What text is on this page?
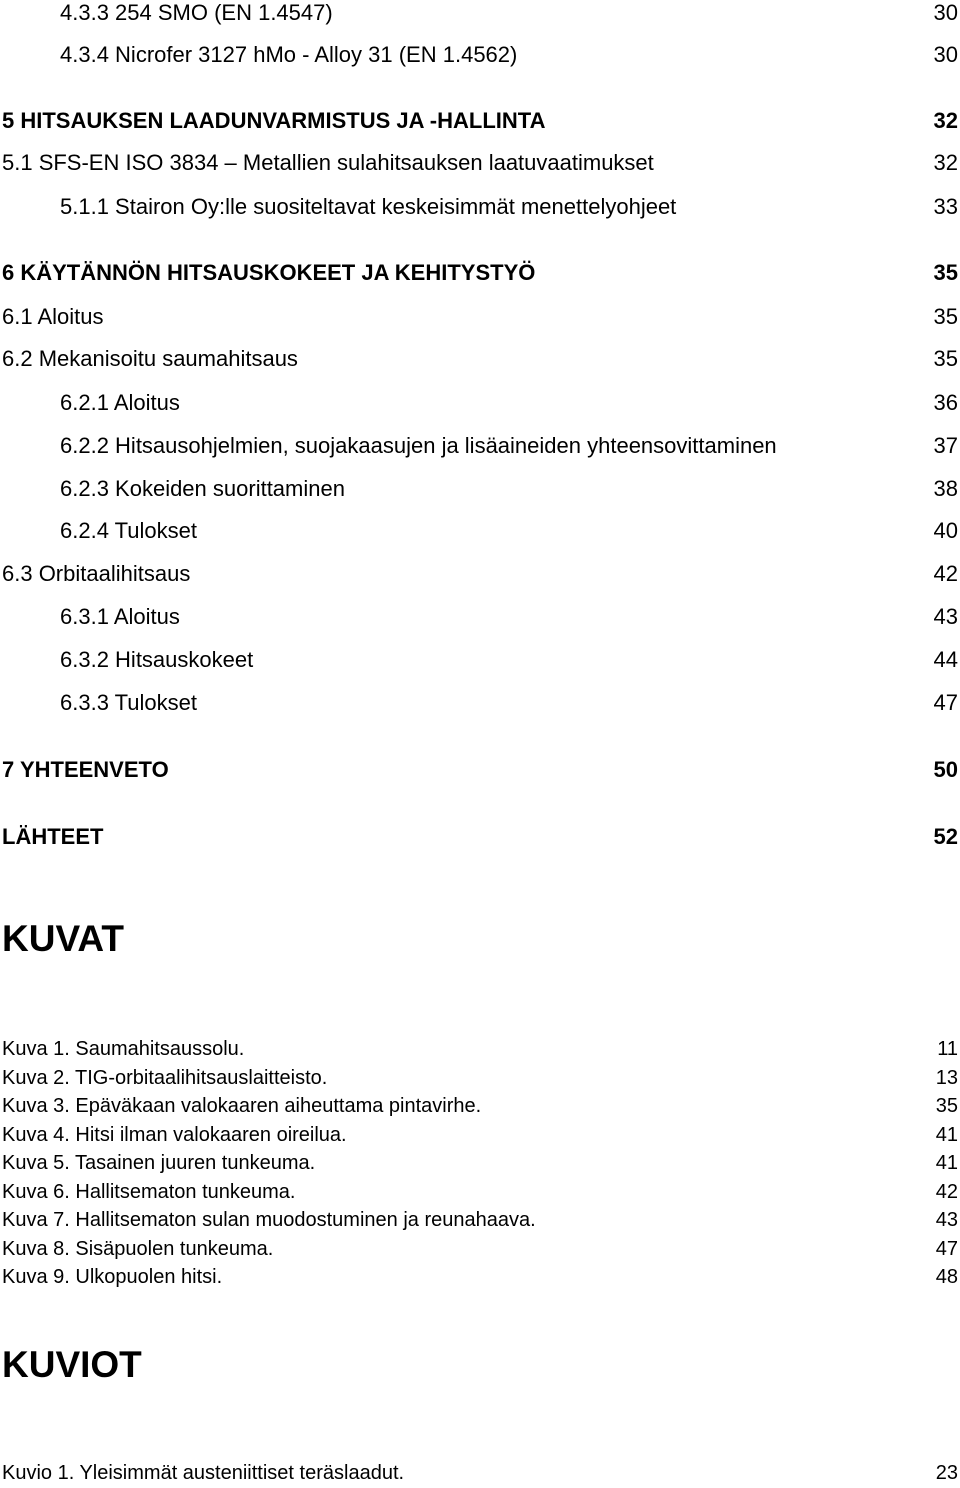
4.3.3 254 SMO (EN 1.4547)	30
4.3.4 Nicrofer 3127 hMo - Alloy 31 (EN 1.4562)	30
5 HITSAUKSEN LAADUNVARMISTUS JA -HALLINTA	32
5.1 SFS-EN ISO 3834 – Metallien sulahitsauksen laatuvaatimukset	32
5.1.1 Stairon Oy:lle suositeltavat keskeisimmät menettelyohjeet	33
6 KÄYTÄNNÖN HITSAUSKOKEET JA KEHITYSTYÖ	35
6.1 Aloitus	35
6.2 Mekanisoitu saumahitsaus	35
6.2.1 Aloitus	36
6.2.2 Hitsausohjelmien, suojakaasujen ja lisäaineiden yhteensovittaminen	37
6.2.3 Kokeiden suorittaminen	38
6.2.4 Tulokset	40
6.3 Orbitaalihitsaus	42
6.3.1 Aloitus	43
6.3.2 Hitsauskokeet	44
6.3.3 Tulokset	47
7 YHTEENVETO	50
LÄHTEET	52
KUVAT
Kuva 1. Saumahitsaussolu.	11
Kuva 2. TIG-orbitaalihitsauslaitteisto.	13
Kuva 3. Epäväkaan valokaaren aiheuttama pintavirhe.	35
Kuva 4. Hitsi ilman valokaaren oireilua.	41
Kuva 5. Tasainen juuren tunkeuma.	41
Kuva 6. Hallitsematon tunkeuma.	42
Kuva 7. Hallitsematon sulan muodostuminen ja reunahaava.	43
Kuva 8. Sisäpuolen tunkeuma.	47
Kuva 9. Ulkopuolen hitsi.	48
KUVIOT
Kuvio 1. Yleisimmät austeniittiset teräslaadut.	23
